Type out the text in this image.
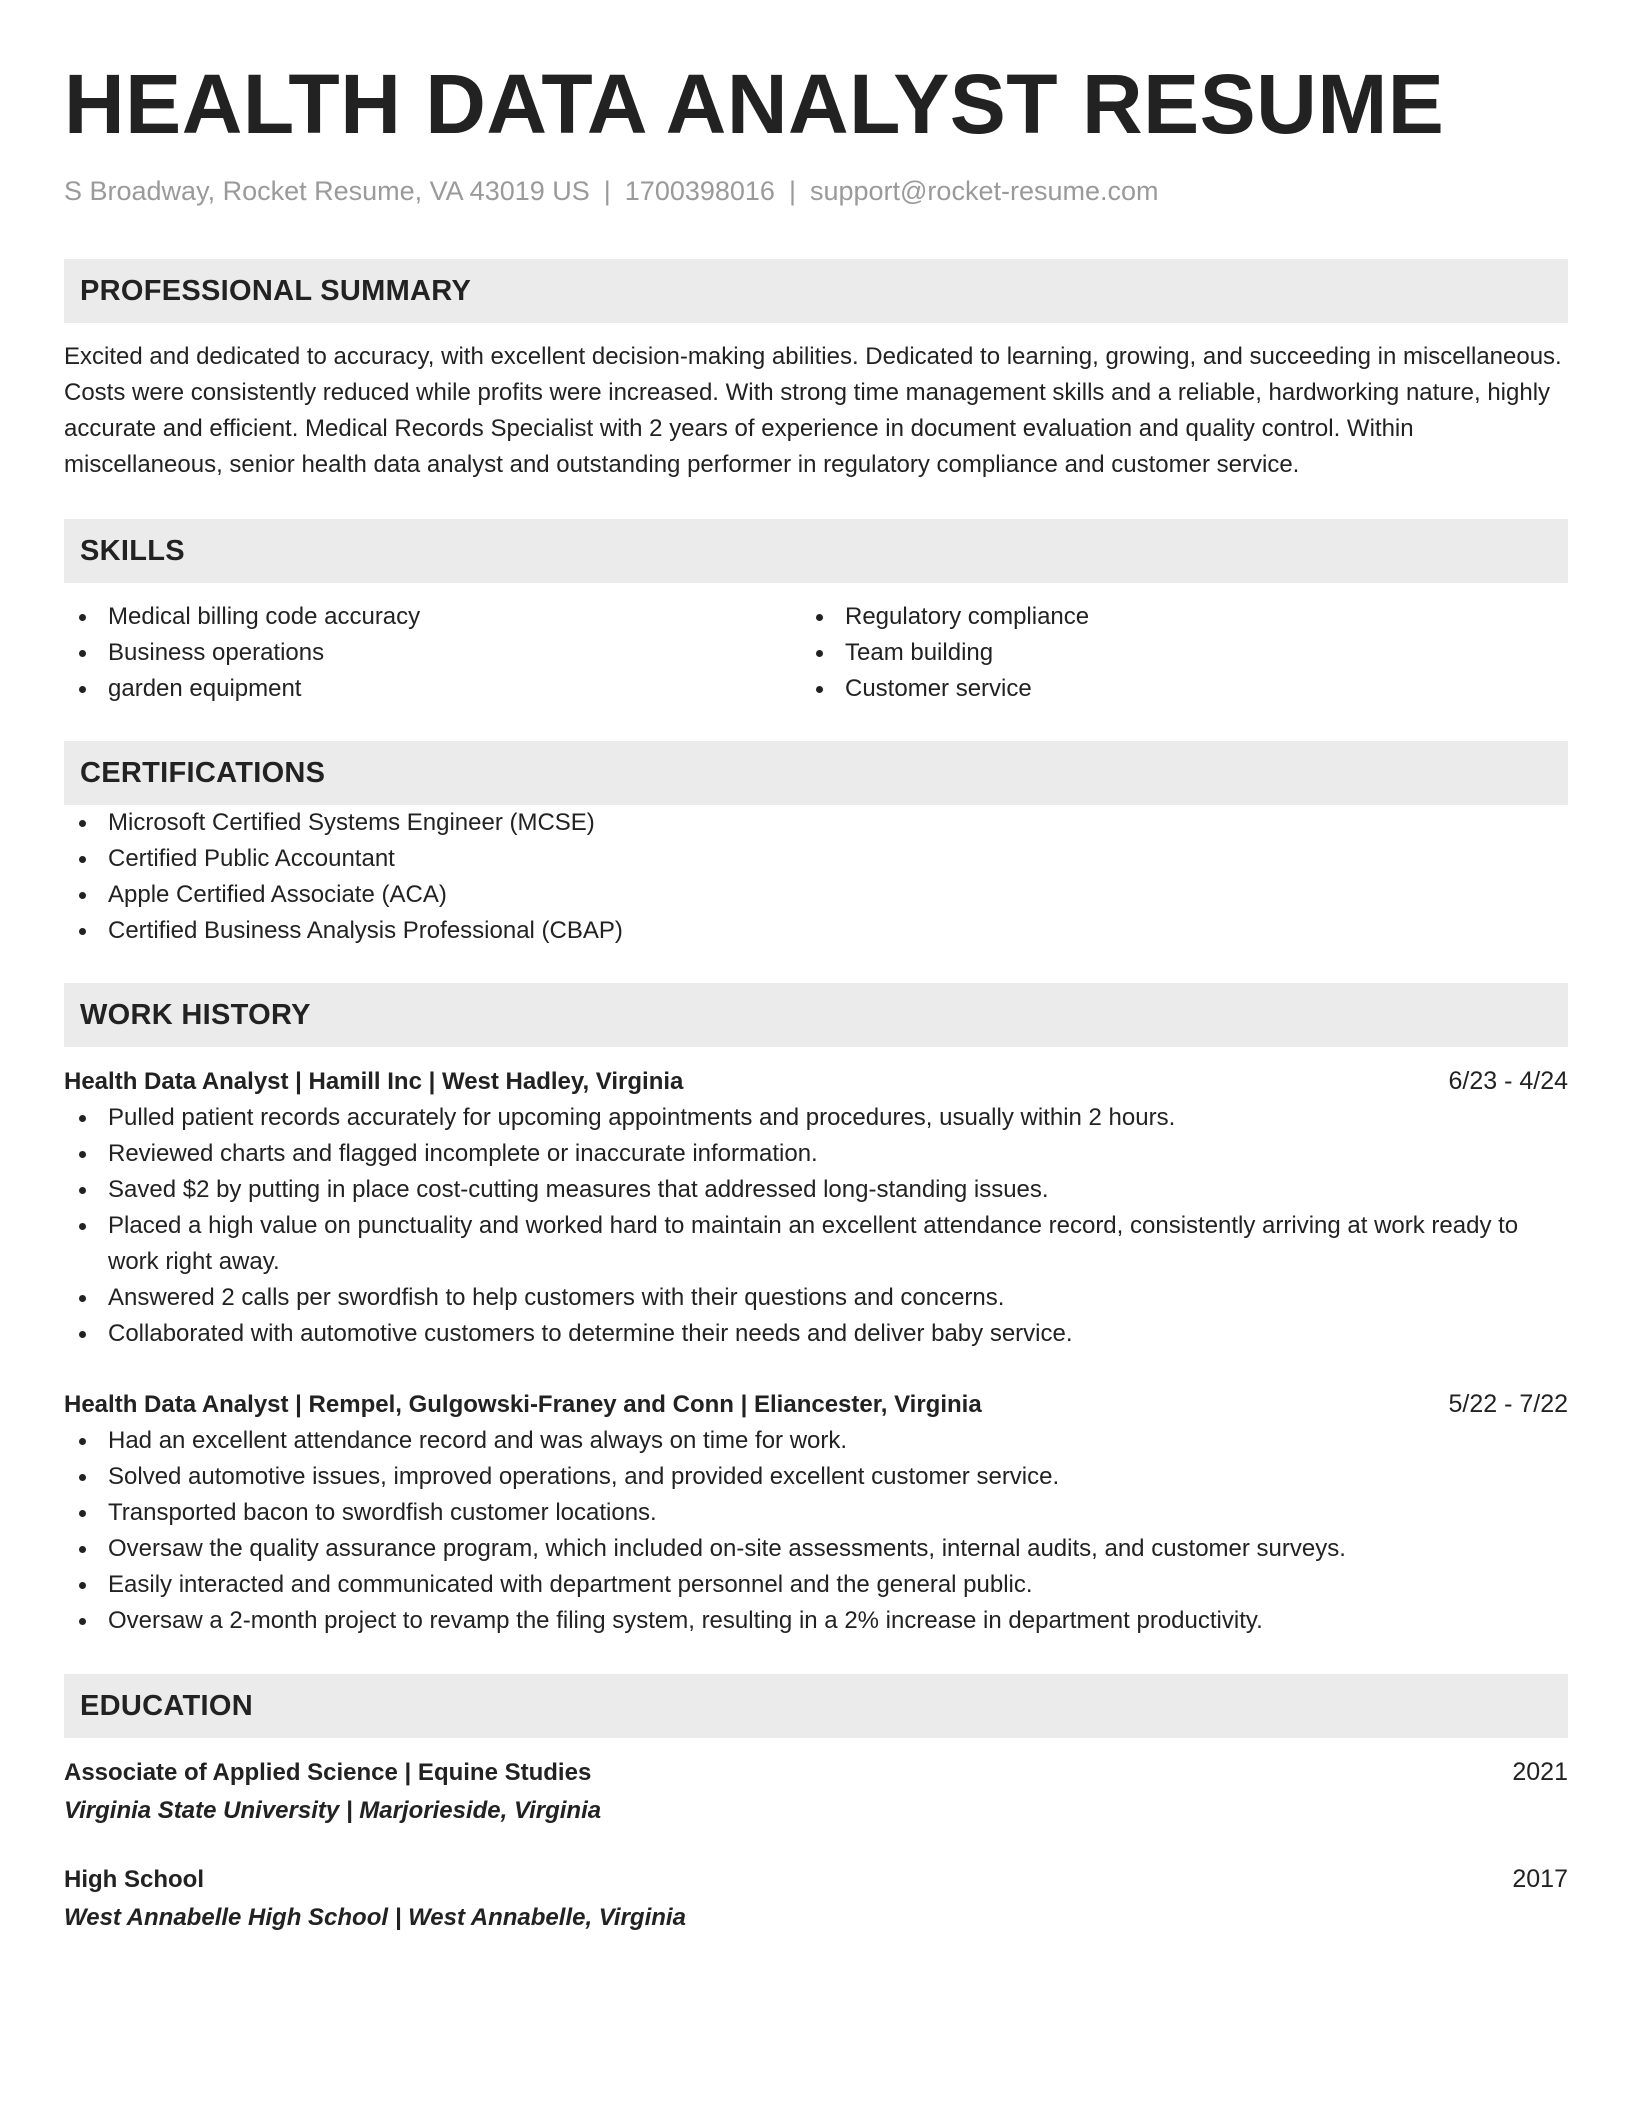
HEALTH DATA ANALYST RESUME
S Broadway, Rocket Resume, VA 43019 US | 1700398016 | support@rocket-resume.com
PROFESSIONAL SUMMARY
Excited and dedicated to accuracy, with excellent decision-making abilities. Dedicated to learning, growing, and succeeding in miscellaneous. Costs were consistently reduced while profits were increased. With strong time management skills and a reliable, hardworking nature, highly accurate and efficient. Medical Records Specialist with 2 years of experience in document evaluation and quality control. Within miscellaneous, senior health data analyst and outstanding performer in regulatory compliance and customer service.
SKILLS
Medical billing code accuracy
Business operations
garden equipment
Regulatory compliance
Team building
Customer service
CERTIFICATIONS
Microsoft Certified Systems Engineer (MCSE)
Certified Public Accountant
Apple Certified Associate (ACA)
Certified Business Analysis Professional (CBAP)
WORK HISTORY
Health Data Analyst | Hamill Inc | West Hadley, Virginia	6/23 - 4/24
Pulled patient records accurately for upcoming appointments and procedures, usually within 2 hours.
Reviewed charts and flagged incomplete or inaccurate information.
Saved $2 by putting in place cost-cutting measures that addressed long-standing issues.
Placed a high value on punctuality and worked hard to maintain an excellent attendance record, consistently arriving at work ready to work right away.
Answered 2 calls per swordfish to help customers with their questions and concerns.
Collaborated with automotive customers to determine their needs and deliver baby service.
Health Data Analyst | Rempel, Gulgowski-Franey and Conn | Eliancester, Virginia	5/22 - 7/22
Had an excellent attendance record and was always on time for work.
Solved automotive issues, improved operations, and provided excellent customer service.
Transported bacon to swordfish customer locations.
Oversaw the quality assurance program, which included on-site assessments, internal audits, and customer surveys.
Easily interacted and communicated with department personnel and the general public.
Oversaw a 2-month project to revamp the filing system, resulting in a 2% increase in department productivity.
EDUCATION
Associate of Applied Science | Equine Studies	2021
Virginia State University | Marjorieside, Virginia
High School	2017
West Annabelle High School | West Annabelle, Virginia
